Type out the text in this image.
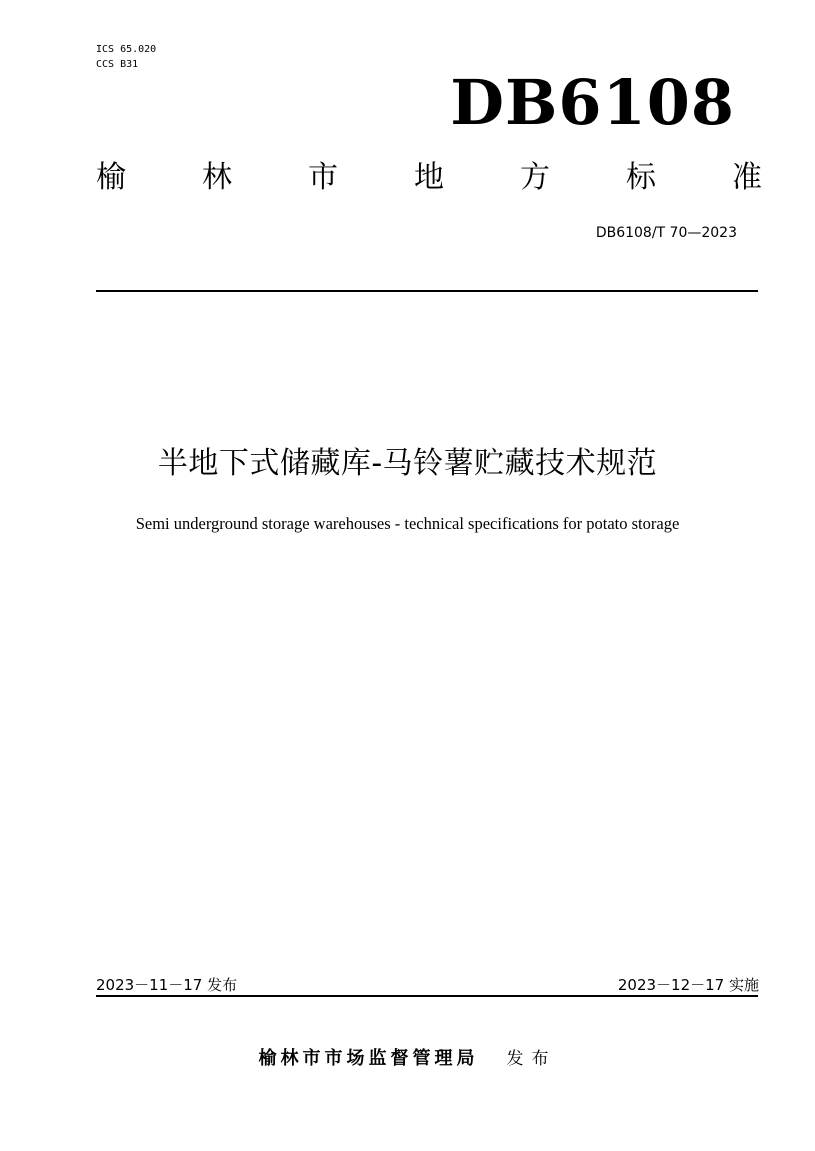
ICS 65.020
CCS B31
DB6108
榆	林	市	地	方	标	准
DB6108/T 70—2023
半地下式储藏库-马铃薯贮藏技术规范
Semi underground storage warehouses - technical specifications for potato storage
2023－11－17 发布	2023－12－17 实施
榆林市市场监督管理局 发布
